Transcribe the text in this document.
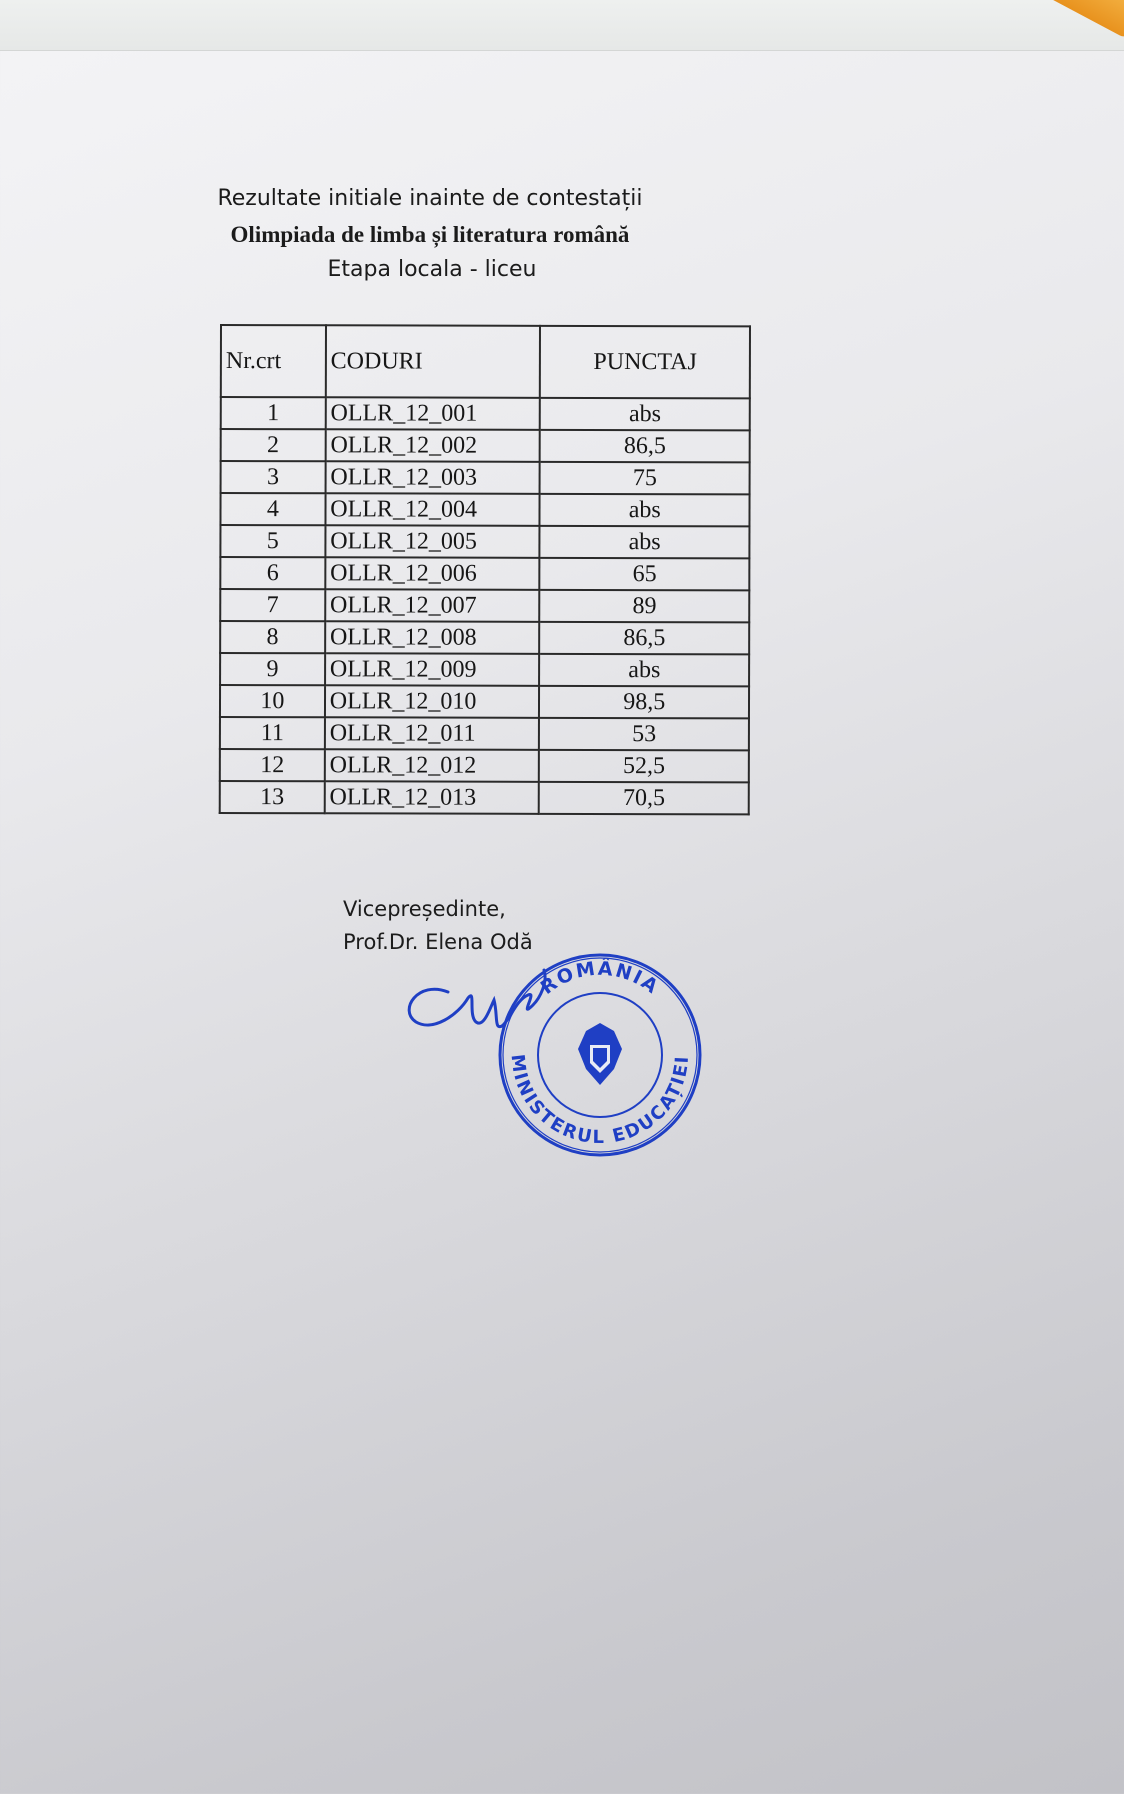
Rezultate initiale inainte de contestații
Olimpiada de limba și literatura română
Etapa locala - liceu
Nr.crt	CODURI	PUNCTAJ
1	OLLR_12_001	abs
2	OLLR_12_002	86,5
3	OLLR_12_003	75
4	OLLR_12_004	abs
5	OLLR_12_005	abs
6	OLLR_12_006	65
7	OLLR_12_007	89
8	OLLR_12_008	86,5
9	OLLR_12_009	abs
10	OLLR_12_010	98,5
11	OLLR_12_011	53
12	OLLR_12_012	52,5
13	OLLR_12_013	70,5
Vicepreședinte,
Prof.Dr. Elena Odă
ROMÂNIA
MINISTERUL EDUCAȚIEI
